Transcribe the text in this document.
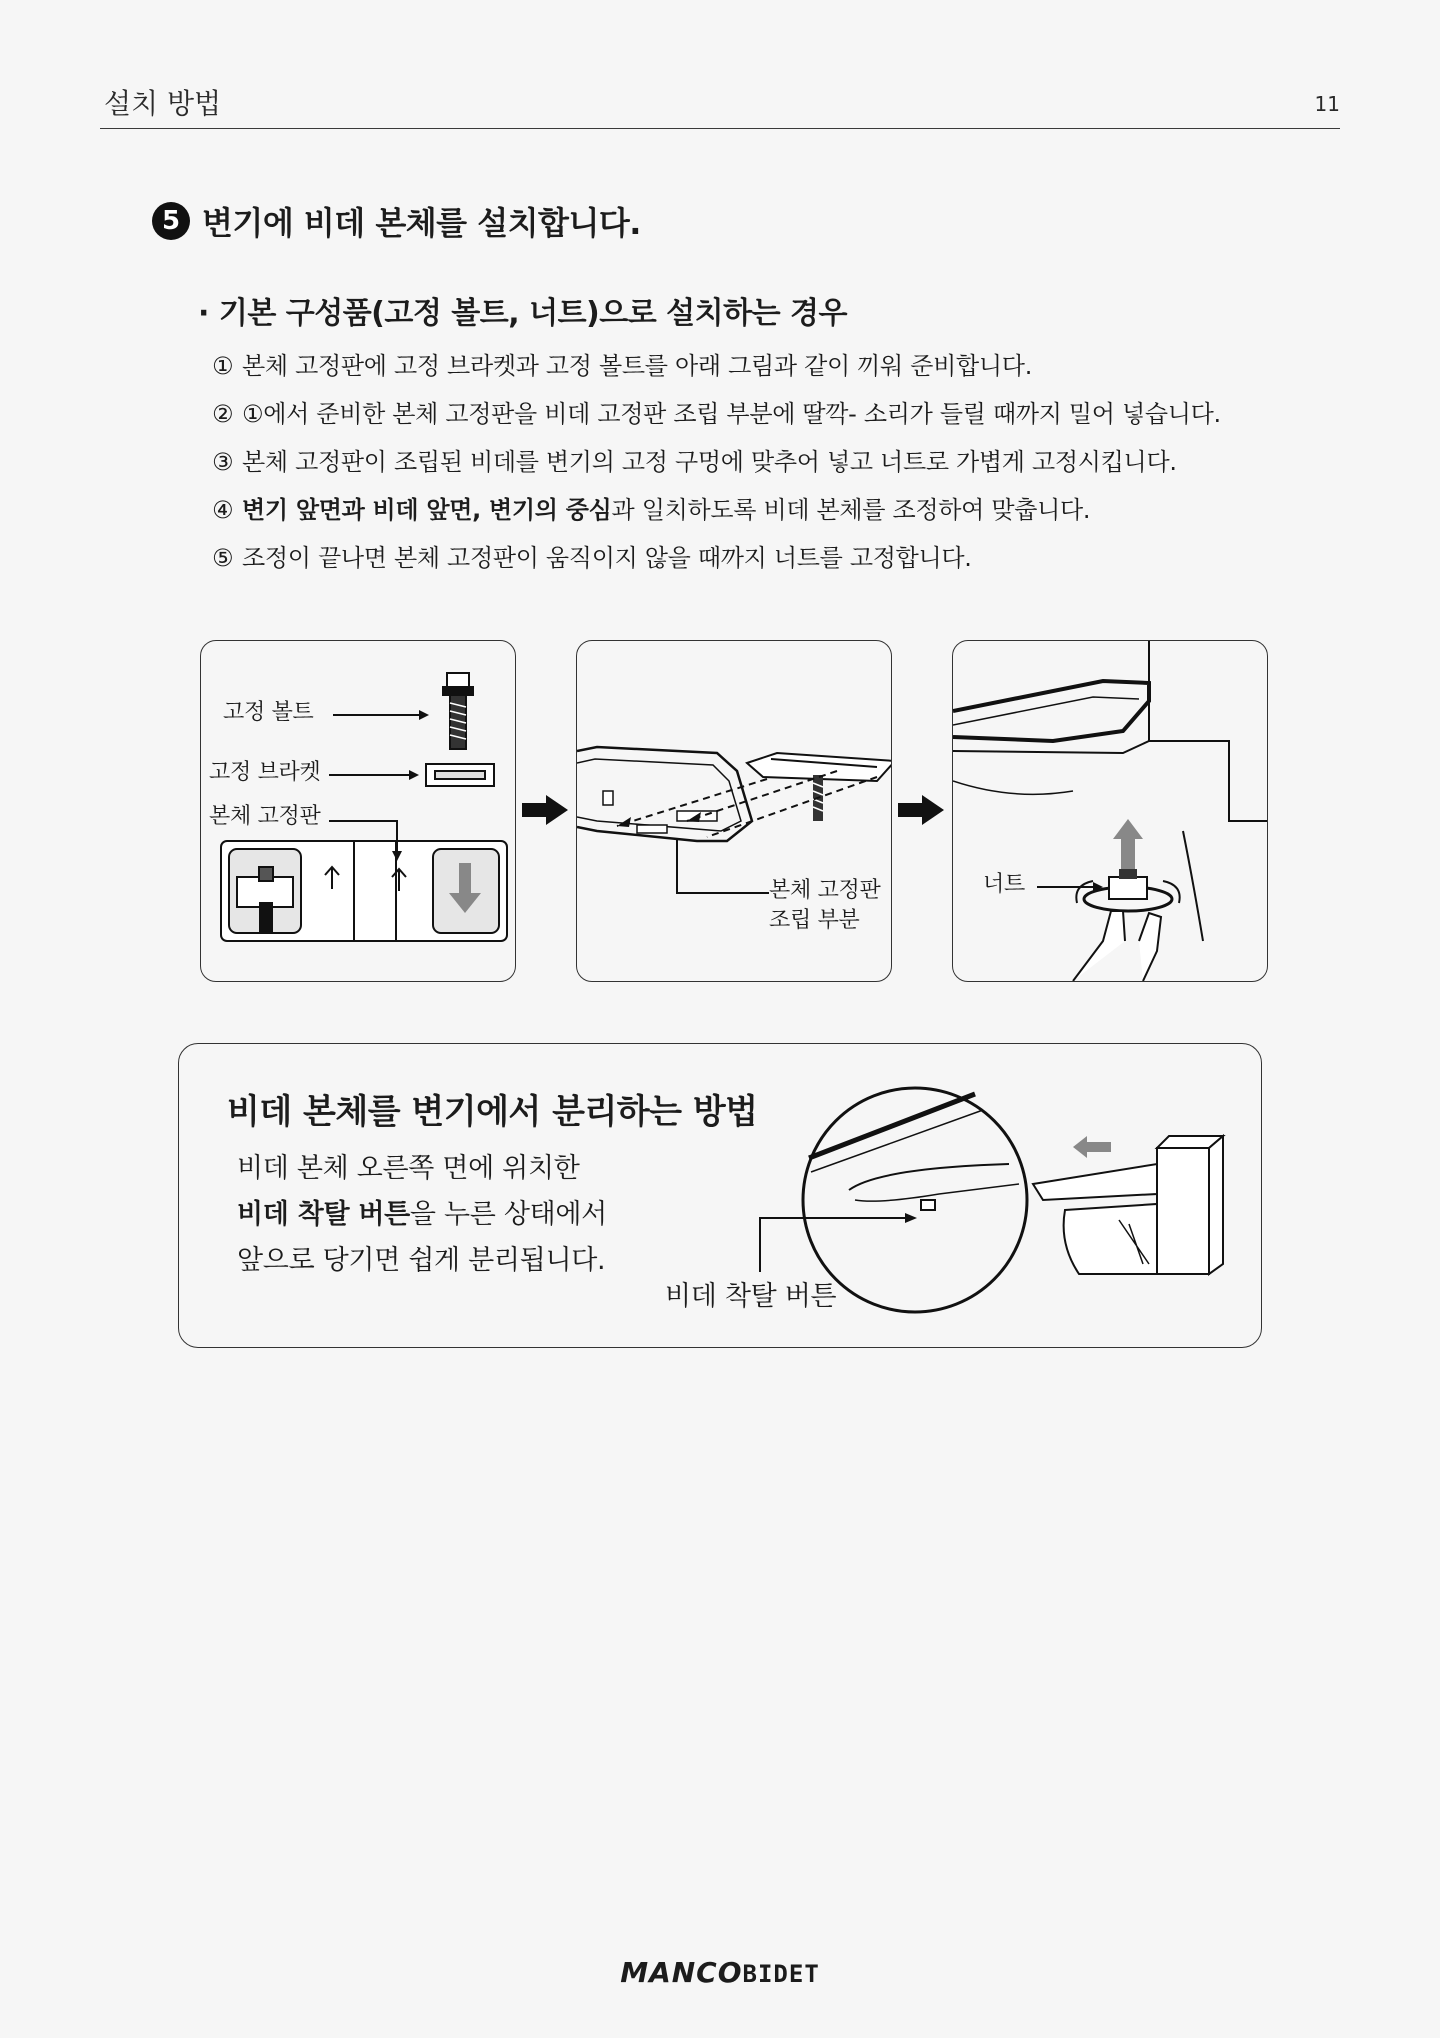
설치 방법	11
5 변기에 비데 본체를 설치합니다.
· 기본 구성품(고정 볼트, 너트)으로 설치하는 경우
① 본체 고정판에 고정 브라켓과 고정 볼트를 아래 그림과 같이 끼워 준비합니다.
② ①에서 준비한 본체 고정판을 비데 고정판 조립 부분에 딸깍- 소리가 들릴 때까지 밀어 넣습니다.
③ 본체 고정판이 조립된 비데를 변기의 고정 구멍에 맞추어 넣고 너트로 가볍게 고정시킵니다.
④ 변기 앞면과 비데 앞면, 변기의 중심과 일치하도록 비데 본체를 조정하여 맞춥니다.
⑤ 조정이 끝나면 본체 고정판이 움직이지 않을 때까지 너트를 고정합니다.
고정 볼트
고정 브라켓
본체 고정판
본체 고정판
조립 부분
너트
비데 본체를 변기에서 분리하는 방법
비데 본체 오른쪽 면에 위치한
비데 착탈 버튼을 누른 상태에서
앞으로 당기면 쉽게 분리됩니다.
비데 착탈 버튼
MANCOBIDET
